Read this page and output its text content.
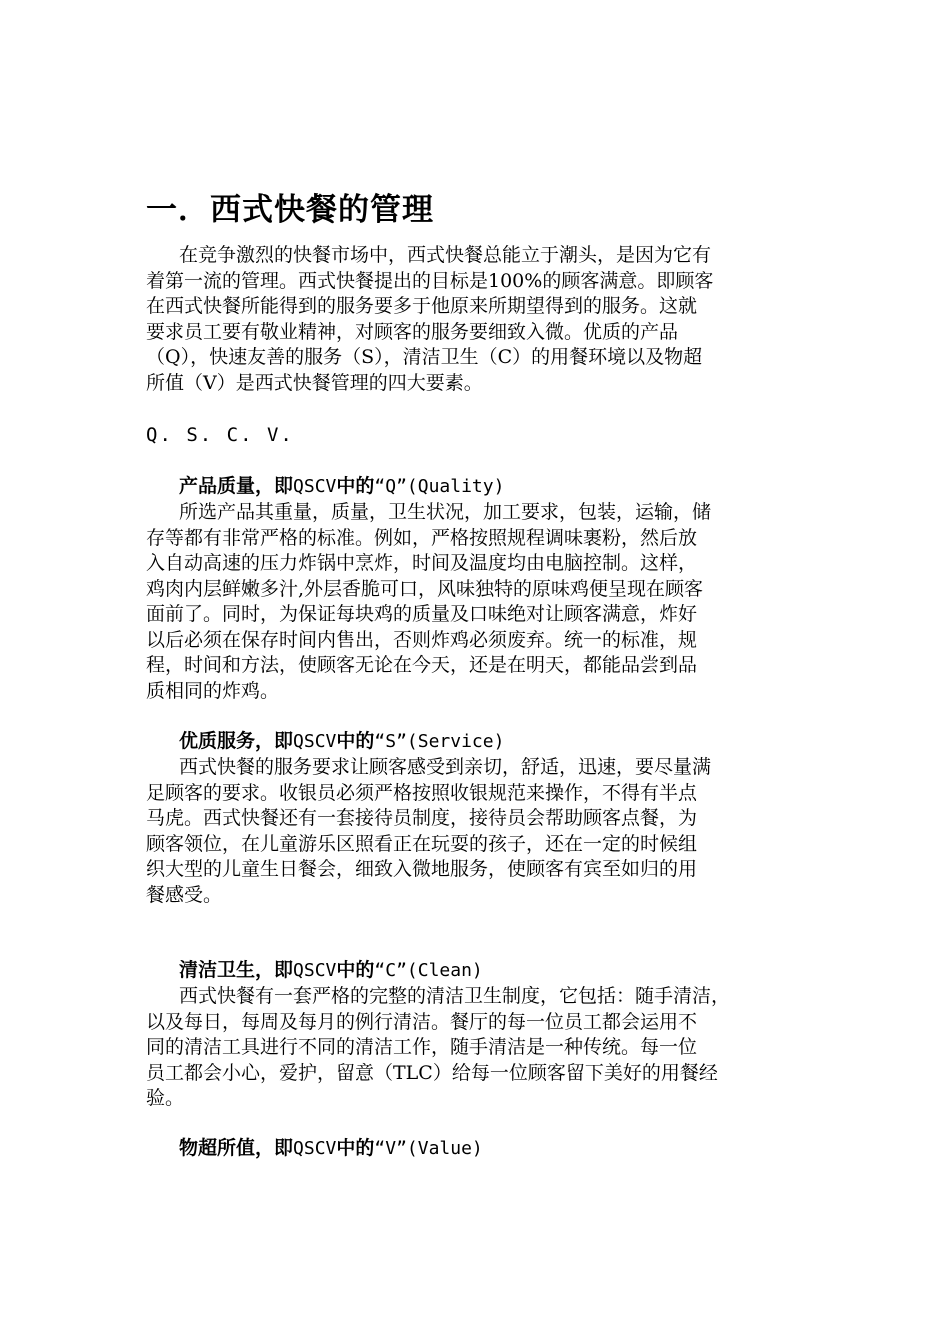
一．西式快餐的管理
在竞争激烈的快餐市场中，西式快餐总能立于潮头，是因为它有
着第一流的管理。西式快餐提出的目标是100%的顾客满意。即顾客
在西式快餐所能得到的服务要多于他原来所期望得到的服务。这就
要求员工要有敬业精神，对顾客的服务要细致入微。优质的产品
（Q），快速友善的服务（S），清洁卫生（C）的用餐环境以及物超
所值（V）是西式快餐管理的四大要素。
Q. S. C. V.
产品质量，即QSCV中的“Q”(Quality)
所选产品其重量，质量，卫生状况，加工要求，包装，运输，储
存等都有非常严格的标准。例如，严格按照规程调味裹粉，然后放
入自动高速的压力炸锅中烹炸，时间及温度均由电脑控制。这样，
鸡肉内层鲜嫩多汁,外层香脆可口，风味独特的原味鸡便呈现在顾客
面前了。同时，为保证每块鸡的质量及口味绝对让顾客满意，炸好
以后必须在保存时间内售出，否则炸鸡必须废弃。统一的标准，规
程，时间和方法，使顾客无论在今天，还是在明天，都能品尝到品
质相同的炸鸡。
优质服务，即QSCV中的“S”(Service)
西式快餐的服务要求让顾客感受到亲切，舒适，迅速，要尽量满
足顾客的要求。收银员必须严格按照收银规范来操作，不得有半点
马虎。西式快餐还有一套接待员制度，接待员会帮助顾客点餐，为
顾客领位，在儿童游乐区照看正在玩耍的孩子，还在一定的时候组
织大型的儿童生日餐会，细致入微地服务，使顾客有宾至如归的用
餐感受。
清洁卫生，即QSCV中的“C”(Clean)
西式快餐有一套严格的完整的清洁卫生制度，它包括：随手清洁，
以及每日，每周及每月的例行清洁。餐厅的每一位员工都会运用不
同的清洁工具进行不同的清洁工作，随手清洁是一种传统。每一位
员工都会小心，爱护，留意（TLC）给每一位顾客留下美好的用餐经
验。
物超所值，即QSCV中的“V”(Value)
